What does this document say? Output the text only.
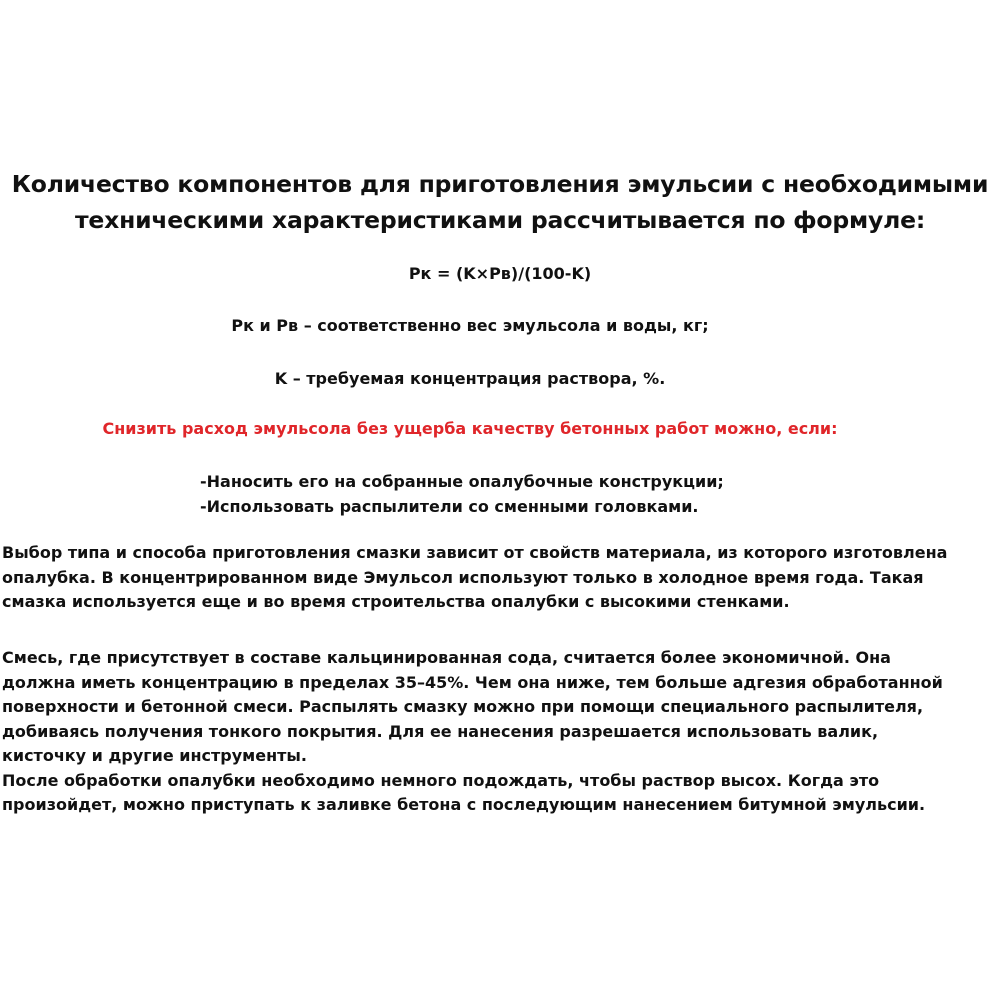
Количество компонентов для приготовления эмульсии с необходимыми
техническими характеристиками рассчитывается по формуле:
Pк = (K×Pв)/(100-K)
Pк и Pв – соответственно вес эмульсола и воды, кг;
K – требуемая концентрация раствора, %.
Снизить расход эмульсола без ущерба качеству бетонных работ можно, если:
-Наносить его на собранные опалубочные конструкции;
-Использовать распылители со сменными головками.
Выбор типа и способа приготовления смазки зависит от свойств материала, из которого изготовлена
опалубка. В концентрированном виде Эмульсол используют только в холодное время года. Такая
смазка используется еще и во время строительства опалубки с высокими стенками.
Смесь, где присутствует в составе кальцинированная сода, считается более экономичной. Она
должна иметь концентрацию в пределах 35–45%. Чем она ниже, тем больше адгезия обработанной
поверхности и бетонной смеси. Распылять смазку можно при помощи специального распылителя,
добиваясь получения тонкого покрытия. Для ее нанесения разрешается использовать валик,
кисточку и другие инструменты.
После обработки опалубки необходимо немного подождать, чтобы раствор высох. Когда это
произойдет, можно приступать к заливке бетона с последующим нанесением битумной эмульсии.
